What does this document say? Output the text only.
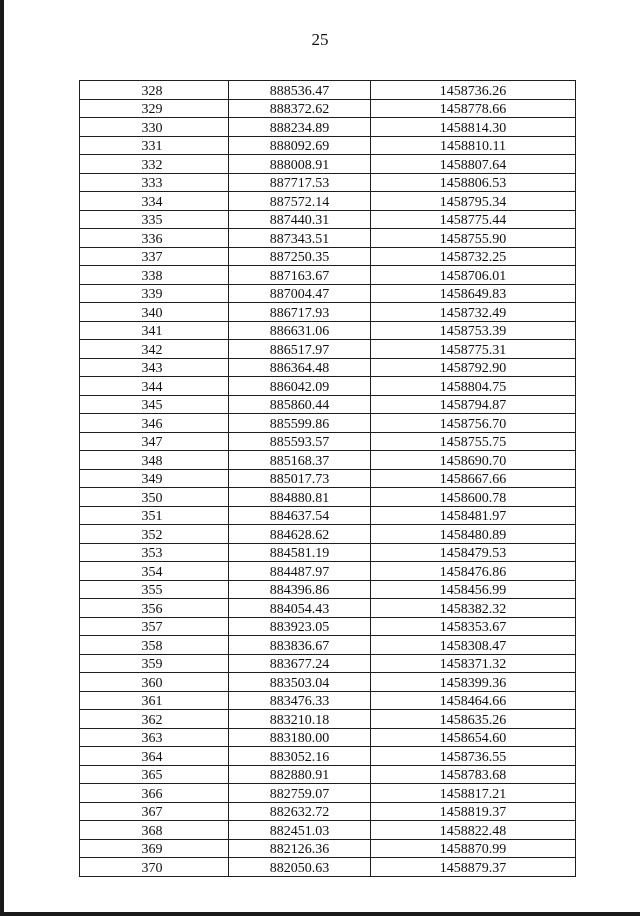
25
328	888536.47	1458736.26
329	888372.62	1458778.66
330	888234.89	1458814.30
331	888092.69	1458810.11
332	888008.91	1458807.64
333	887717.53	1458806.53
334	887572.14	1458795.34
335	887440.31	1458775.44
336	887343.51	1458755.90
337	887250.35	1458732.25
338	887163.67	1458706.01
339	887004.47	1458649.83
340	886717.93	1458732.49
341	886631.06	1458753.39
342	886517.97	1458775.31
343	886364.48	1458792.90
344	886042.09	1458804.75
345	885860.44	1458794.87
346	885599.86	1458756.70
347	885593.57	1458755.75
348	885168.37	1458690.70
349	885017.73	1458667.66
350	884880.81	1458600.78
351	884637.54	1458481.97
352	884628.62	1458480.89
353	884581.19	1458479.53
354	884487.97	1458476.86
355	884396.86	1458456.99
356	884054.43	1458382.32
357	883923.05	1458353.67
358	883836.67	1458308.47
359	883677.24	1458371.32
360	883503.04	1458399.36
361	883476.33	1458464.66
362	883210.18	1458635.26
363	883180.00	1458654.60
364	883052.16	1458736.55
365	882880.91	1458783.68
366	882759.07	1458817.21
367	882632.72	1458819.37
368	882451.03	1458822.48
369	882126.36	1458870.99
370	882050.63	1458879.37
